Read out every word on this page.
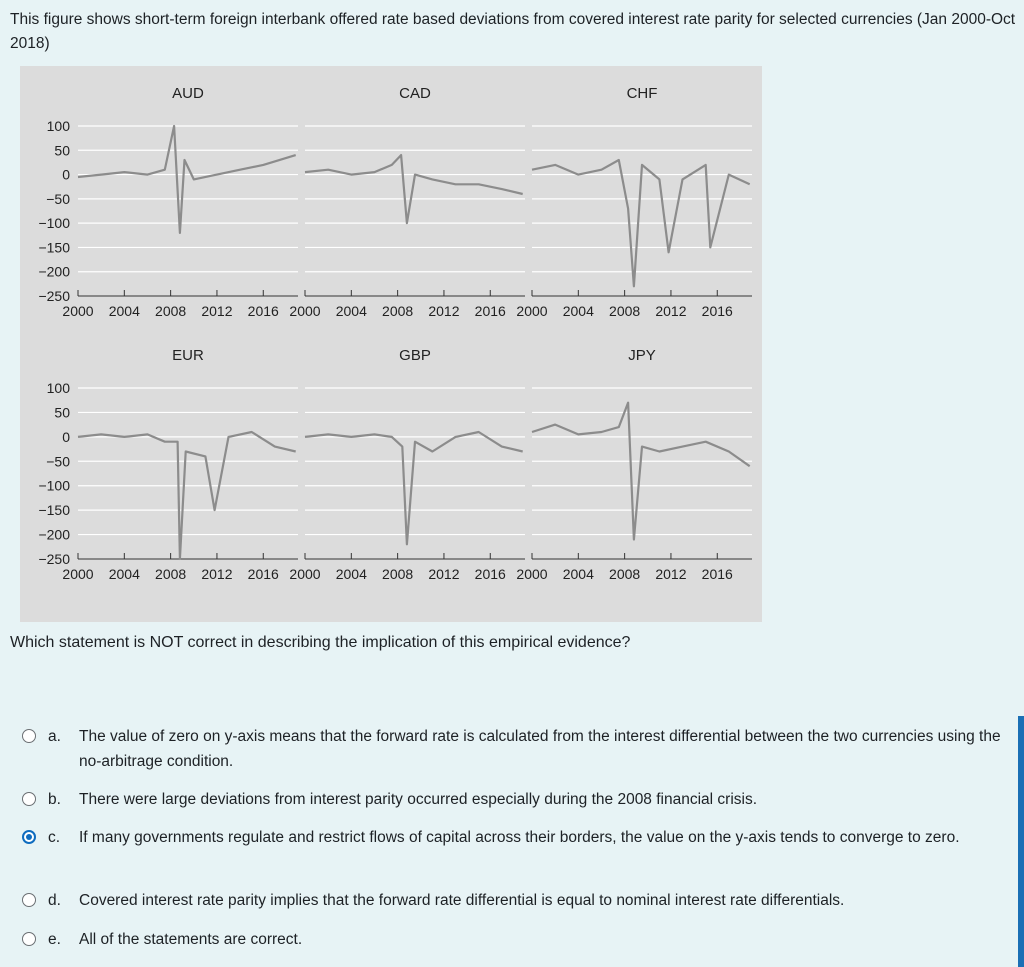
This figure shows short-term foreign interbank offered rate based deviations from covered interest rate parity for selected currencies (Jan 2000-Oct 2018)
100
50
0
−50
−100
−150
−200
−250
2000 2004 2008 2012 2016
AUD
2000 2004 2008 2012 2016
CAD
2000 2004 2008 2012 2016
CHF
100
50
0
−50
−100
−150
−200
−250
2000 2004 2008 2012 2016
EUR
2000 2004 2008 2012 2016
GBP
2000 2004 2008 2012 2016
JPY
Which statement is NOT correct in describing the implication of this empirical evidence?
a. The value of zero on y-axis means that the forward rate is calculated from the interest differential between the two currencies using the no-arbitrage condition.
b. There were large deviations from interest parity occurred especially during the 2008 financial crisis.
c. If many governments regulate and restrict flows of capital across their borders, the value on the y-axis tends to converge to zero.
d. Covered interest rate parity implies that the forward rate differential is equal to nominal interest rate differentials.
e. All of the statements are correct.
